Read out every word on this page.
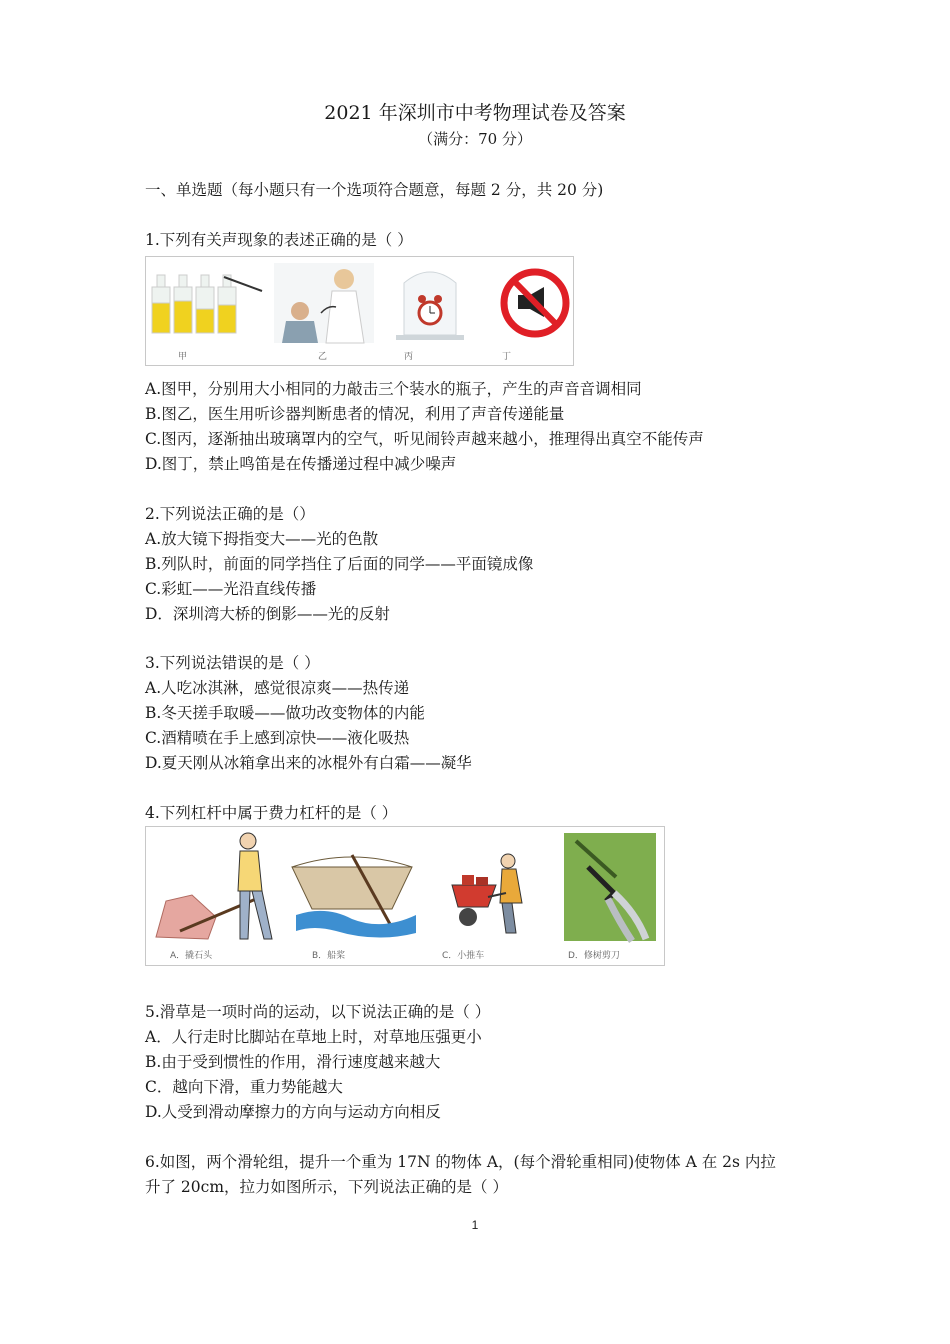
2021 年深圳市中考物理试卷及答案
（满分：70 分）
一、单选题（每小题只有一个选项符合题意，每题 2 分，共 20 分)
1.下列有关声现象的表述正确的是（ ）
甲	乙	丙	丁
A.图甲，分别用大小相同的力敲击三个装水的瓶子，产生的声音音调相同
B.图乙，医生用听诊器判断患者的情况，利用了声音传递能量
C.图丙，逐渐抽出玻璃罩内的空气，听见闹铃声越来越小，推理得出真空不能传声
D.图丁，禁止鸣笛是在传播递过程中减少噪声
2.下列说法正确的是（）
A.放大镜下拇指变大——光的色散
B.列队时，前面的同学挡住了后面的同学——平面镜成像
C.彩虹——光沿直线传播
D．深圳湾大桥的倒影——光的反射
3.下列说法错误的是（ ）
A.人吃冰淇淋，感觉很凉爽——热传递
B.冬天搓手取暖——做功改变物体的内能
C.酒精喷在手上感到凉快——液化吸热
D.夏天刚从冰箱拿出来的冰棍外有白霜——凝华
4.下列杠杆中属于费力杠杆的是（ ）
A．撬石头	B．船桨	C．小推车	D．修树剪刀
5.滑草是一项时尚的运动，以下说法正确的是（ ）
A．人行走时比脚站在草地上时，对草地压强更小
B.由于受到惯性的作用，滑行速度越来越大
C．越向下滑，重力势能越大
D.人受到滑动摩擦力的方向与运动方向相反
6.如图，两个滑轮组，提升一个重为 17N 的物体 A，(每个滑轮重相同)使物体 A 在 2s 内拉
升了 20cm，拉力如图所示，下列说法正确的是（ ）
1
